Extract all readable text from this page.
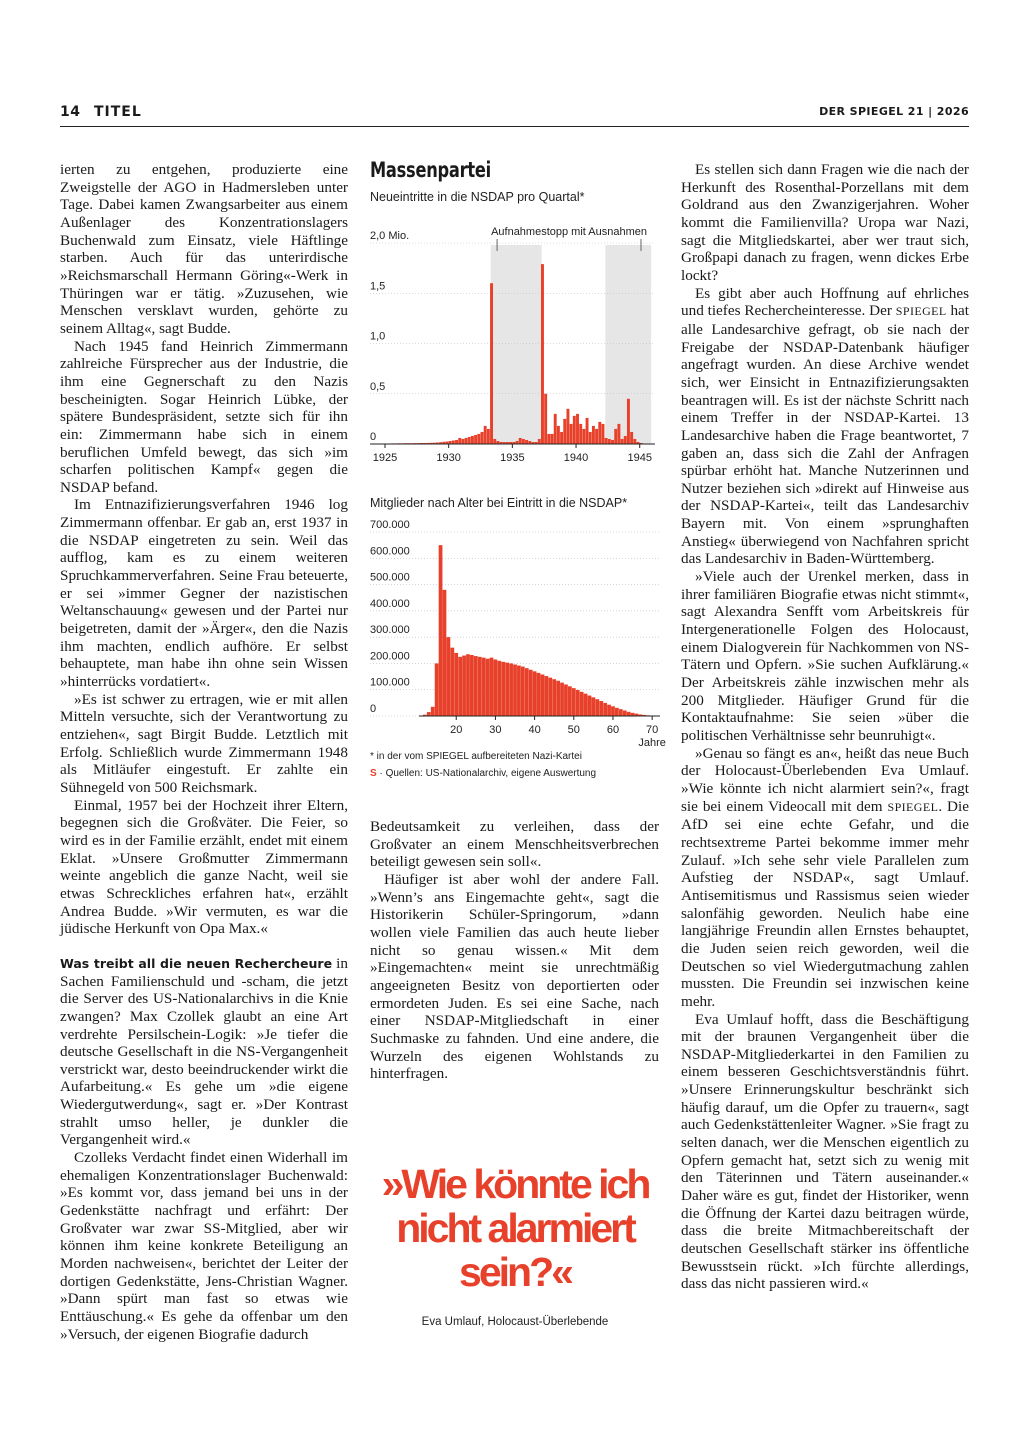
14 TITEL	DER SPIEGEL 21 | 2026

ierten zu entgehen, produzierte eine Zweigstelle der AGO in Hadmersleben unter Tage. Dabei kamen Zwangsarbeiter aus einem Außenlager des Konzentrationslagers Buchenwald zum Einsatz, viele Häftlinge starben. Auch für das unterirdische »Reichsmarschall Hermann Göring«-Werk in Thüringen war er tätig. »Zuzusehen, wie Menschen versklavt wurden, gehörte zu seinem Alltag«, sagt Budde.

Nach 1945 fand Heinrich Zimmermann zahlreiche Fürsprecher aus der Industrie, die ihm eine Gegnerschaft zu den Nazis bescheinigten. Sogar Heinrich Lübke, der spätere Bundespräsident, setzte sich für ihn ein: Zimmermann habe sich in einem beruflichen Umfeld bewegt, das sich »im scharfen politischen Kampf« gegen die NSDAP befand.

Im Entnazifizierungsverfahren 1946 log Zimmermann offenbar. Er gab an, erst 1937 in die NSDAP eingetreten zu sein. Weil das aufflog, kam es zu einem weiteren Spruchkammerverfahren. Seine Frau beteuerte, er sei »immer Gegner der nazistischen Weltanschauung« gewesen und der Partei nur beigetreten, damit der »Ärger«, den die Nazis ihm machten, endlich aufhöre. Er selbst behauptete, man habe ihn ohne sein Wissen »hinterrücks vordatiert«.

»Es ist schwer zu ertragen, wie er mit allen Mitteln versuchte, sich der Verantwortung zu entziehen«, sagt Birgit Budde. Letztlich mit Erfolg. Schließlich wurde Zimmermann 1948 als Mitläufer eingestuft. Er zahlte ein Sühnegeld von 500 Reichsmark.

Einmal, 1957 bei der Hochzeit ihrer Eltern, begegnen sich die Großväter. Die Feier, so wird es in der Familie erzählt, endet mit einem Eklat. »Unsere Großmutter Zimmermann weinte angeblich die ganze Nacht, weil sie etwas Schreckliches erfahren hat«, erzählt Andrea Budde. »Wir vermuten, es war die jüdische Herkunft von Opa Max.«

Was treibt all die neuen Rechercheure in Sachen Familienschuld und -scham, die jetzt die Server des US-Nationalarchivs in die Knie zwangen? Max Czollek glaubt an eine Art verdrehte Persilschein-Logik: »Je tiefer die deutsche Gesellschaft in die NS-Vergangenheit verstrickt war, desto beeindruckender wirkt die Aufarbeitung.« Es gehe um »die eigene Wiedergutwerdung«, sagt er. »Der Kontrast strahlt umso heller, je dunkler die Vergangenheit wird.«

Czolleks Verdacht findet einen Widerhall im ehemaligen Konzentrationslager Buchenwald: »Es kommt vor, dass jemand bei uns in der Gedenkstätte nachfragt und erfährt: Der Großvater war zwar SS-Mitglied, aber wir können ihm keine konkrete Beteiligung an Morden nachweisen«, berichtet der Leiter der dortigen Gedenkstätte, Jens-Christian Wagner. »Dann spürt man fast so etwas wie Enttäuschung.« Es gehe da offenbar um den »Versuch, der eigenen Biografie dadurch

Massenpartei
Neueintritte in die NSDAP pro Quartal*
0
0,5
1,0
1,5
2,0 Mio.
1925	1930	1935	1940	1945
Aufnahmestopp mit Ausnahmen
Mitglieder nach Alter bei Eintritt in die NSDAP*
0
100.000
200.000
300.000
400.000
500.000
600.000
700.000
20 30 40 50 60 70
Jahre
* in der vom SPIEGEL aufbereiteten Nazi-Kartei
S · Quellen: US-Nationalarchiv, eigene Auswertung

Bedeutsamkeit zu verleihen, dass der Großvater an einem Menschheitsverbrechen beteiligt gewesen sein soll«.

Häufiger ist aber wohl der andere Fall. »Wenn’s ans Eingemachte geht«, sagt die Historikerin Schüler-Springorum, »dann wollen viele Familien das auch heute lieber nicht so genau wissen.« Mit dem »Eingemachten« meint sie unrechtmäßig angeeigneten Besitz von deportierten oder ermordeten Juden. Es sei eine Sache, nach einer NSDAP-Mitgliedschaft in einer Suchmaske zu fahnden. Und eine andere, die Wurzeln des eigenen Wohlstands zu hinterfragen.

»Wie könnte ich nicht alarmiert sein?«
Eva Umlauf, Holocaust-Überlebende

Es stellen sich dann Fragen wie die nach der Herkunft des Rosenthal-Porzellans mit dem Goldrand aus den Zwanzigerjahren. Woher kommt die Familienvilla? Uropa war Nazi, sagt die Mitgliedskartei, aber wer traut sich, Großpapi danach zu fragen, wenn dickes Erbe lockt?

Es gibt aber auch Hoffnung auf ehrliches und tiefes Rechercheinteresse. Der SPIEGEL hat alle Landesarchive gefragt, ob sie nach der Freigabe der NSDAP-Datenbank häufiger angefragt wurden. An diese Archive wendet sich, wer Einsicht in Entnazifizierungsakten beantragen will. Es ist der nächste Schritt nach einem Treffer in der NSDAP-Kartei. 13 Landesarchive haben die Frage beantwortet, 7 gaben an, dass sich die Zahl der Anfragen spürbar erhöht hat. Manche Nutzerinnen und Nutzer beziehen sich »direkt auf Hinweise aus der NSDAP-Kartei«, teilt das Landesarchiv Bayern mit. Von einem »sprunghaften Anstieg« überwiegend von Nachfahren spricht das Landesarchiv in Baden-Württemberg.

»Viele auch der Urenkel merken, dass in ihrer familiären Biografie etwas nicht stimmt«, sagt Alexandra Senfft vom Arbeitskreis für Intergenerationelle Folgen des Holocaust, einem Dialogverein für Nachkommen von NS-Tätern und Opfern. »Sie suchen Aufklärung.« Der Arbeitskreis zähle inzwischen mehr als 200 Mitglieder. Häufiger Grund für die Kontaktaufnahme: Sie seien »über die politischen Verhältnisse sehr beunruhigt«.

»Genau so fängt es an«, heißt das neue Buch der Holocaust-Überlebenden Eva Umlauf. »Wie könnte ich nicht alarmiert sein?«, fragt sie bei einem Videocall mit dem SPIEGEL. Die AfD sei eine echte Gefahr, und die rechtsextreme Partei bekomme immer mehr Zulauf. »Ich sehe sehr viele Parallelen zum Aufstieg der NSDAP«, sagt Umlauf. Antisemitismus und Rassismus seien wieder salonfähig geworden. Neulich habe eine langjährige Freundin allen Ernstes behauptet, die Juden seien reich geworden, weil die Deutschen so viel Wiedergutmachung zahlen mussten. Die Freundin sei inzwischen keine mehr.

Eva Umlauf hofft, dass die Beschäftigung mit der braunen Vergangenheit über die NSDAP-Mitgliederkartei in den Familien zu einem besseren Geschichtsverständnis führt. »Unsere Erinnerungskultur beschränkt sich häufig darauf, um die Opfer zu trauern«, sagt auch Gedenkstättenleiter Wagner. »Sie fragt zu selten danach, wer die Menschen eigentlich zu Opfern gemacht hat, setzt sich zu wenig mit den Täterinnen und Tätern auseinander.« Daher wäre es gut, findet der Historiker, wenn die Öffnung der Kartei dazu beitragen würde, dass die breite Mitmachbereitschaft der deutschen Gesellschaft stärker ins öffentliche Bewusstsein rückt. »Ich fürchte allerdings, dass das nicht passieren wird.«
